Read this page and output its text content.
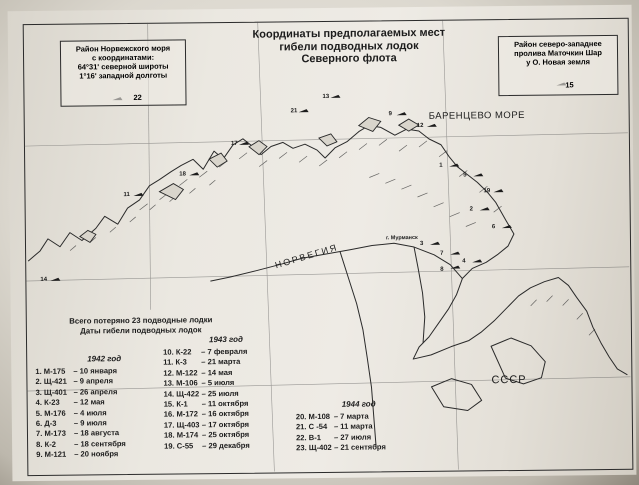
21
13
9
12
1
5
19
2
6
3
7
4
8
17
18
11
14
Координаты предполагаемых мест
гибели подводных лодок
Северного флота
Район Норвежского моря
с координатами:
64°31' северной широты
1°16' западной долготы
22
Район северо-западнее
пролива Маточкин Шар
у О. Новая земля
15
БАРЕНЦЕВО МОРЕ
НОРВЕГИЯ
СССР
г. Мурманск
Всего потеряно 23 подводные лодки
Даты гибели подводных лодок
1942 год
1943 год
1944 год
1. М-175	– 10 января
2. Щ-421 – 9 апреля
3. Щ-401 – 26 апреля
4. К-23	– 12 мая
5. М-176	– 4 июля
6. Д-3	– 9 июля
7. М-173	– 18 августа
8. К-2	– 18 сентября
9. М-121	– 20 ноября
10. К-22	– 7 февраля
11. К-3	– 21 марта
12. М-122 – 14 мая
13. М-106 – 5 июля
14. Щ-422 – 25 июля
15. К-1	– 11 октября
16. М-172 – 16 октября
17. Щ-403 – 17 октября
18. М-174 – 25 октября
19. С-55	– 29 декабря
20. М-108 – 7 марта
21. С -54 – 11 марта
22. В-1	– 27 июля
23. Щ-402 – 21 сентября
